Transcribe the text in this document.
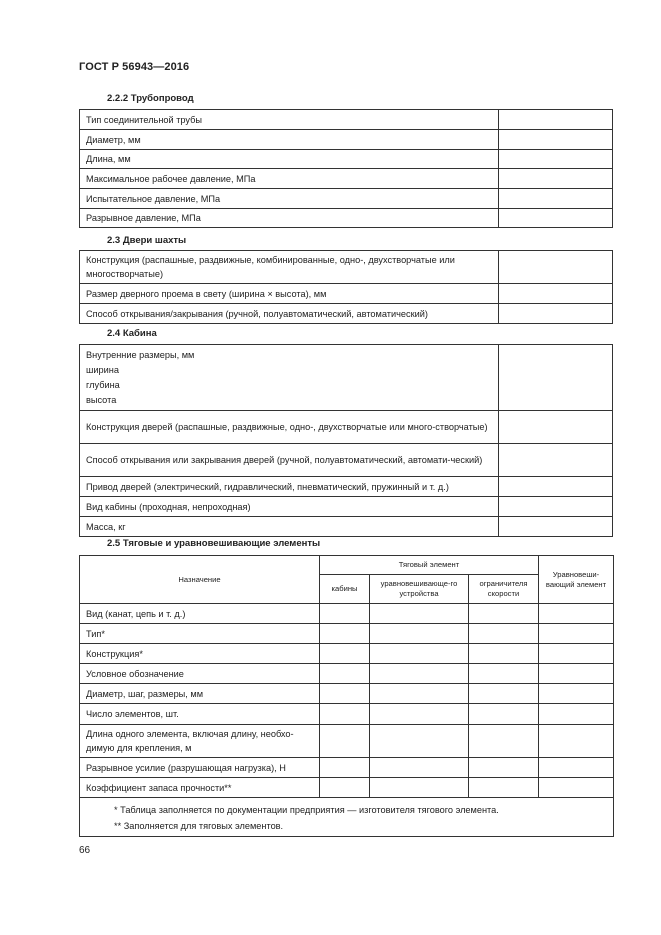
ГОСТ Р 56943—2016
2.2.2 Трубопровод
Тип соединительной трубы	
Диаметр, мм	
Длина, мм	
Максимальное рабочее давление, МПа	
Испытательное давление, МПа	
Разрывное давление, МПа	
2.3 Двери шахты
Конструкция (распашные, раздвижные, комбинированные, одно-, двухстворчатые или многостворчатые)	
Размер дверного проема в свету (ширина × высота), мм	
Способ открывания/закрывания (ручной, полуавтоматический, автоматический)	
2.4 Кабина
Внутренние размеры, мм
ширина
глубина
высота	

Конструкция дверей (распашные, раздвижные, одно-, двухстворчатые или много-створчатые)	
Способ открывания или закрывания дверей (ручной, полуавтоматический, автомати-ческий)	
Привод дверей (электрический, гидравлический, пневматический, пружинный и т. д.)	
Вид кабины (проходная, непроходная)	
Масса, кг	
2.5 Тяговые и уравновешивающие элементы
Назначение	Тяговый элемент			Уравновеши-вающий элемент
	кабины	уравновешивающе-го устройства	ограничителя скорости	
Вид (канат, цепь и т. д.)				
Тип*				
Конструкция*				
Условное обозначение				
Диаметр, шаг, размеры, мм				
Число элементов, шт.				
Длина одного элемента, включая длину, необхо-димую для крепления, м				
Разрывное усилие (разрушающая нагрузка), Н				
Коэффициент запаса прочности**				

* Таблица заполняется по документации предприятия — изготовителя тягового элемента.
** Заполняется для тяговых элементов.				
66
